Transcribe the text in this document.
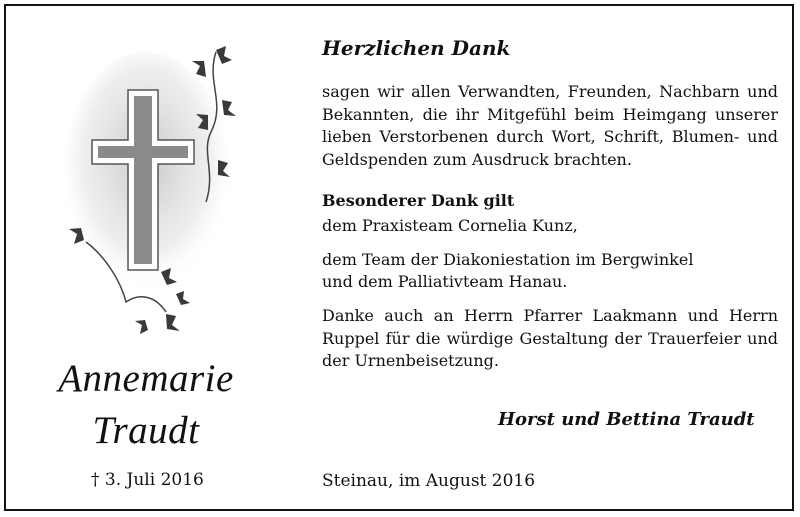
Annemarie
Traudt
† 3. Juli 2016
Herzlichen Dank

sagen wir allen Verwandten, Freunden, Nachbarn und Bekannten, die ihr Mitgefühl beim Heimgang unserer lieben Verstorbenen durch Wort, Schrift, Blumen- und Geldspenden zum Ausdruck brachten.

Besonderer Dank gilt
dem Praxisteam Cornelia Kunz,
dem Team der Diakoniestation im Bergwinkel
und dem Palliativteam Hanau.

Danke auch an Herrn Pfarrer Laakmann und Herrn Ruppel für die würdige Gestaltung der Trauerfeier und der Urnenbeisetzung.

Horst und Bettina Traudt
Steinau, im August 2016
